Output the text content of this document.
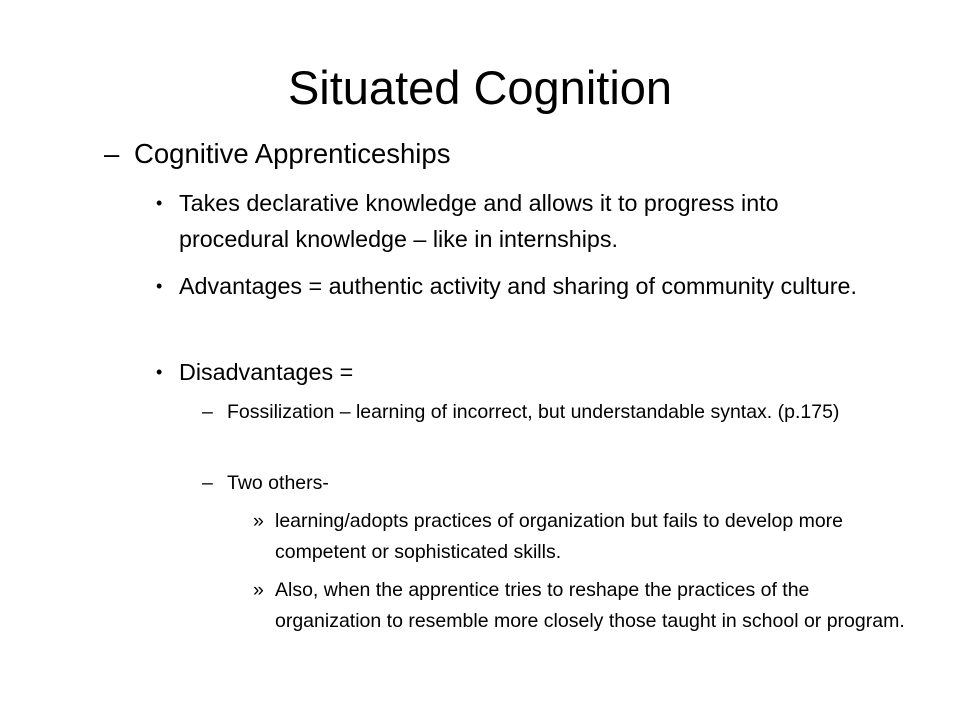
Situated Cognition
– Cognitive Apprenticeships
• Takes declarative knowledge and allows it to progress into procedural knowledge – like in internships.
• Advantages = authentic activity and sharing of community culture.
• Disadvantages =
– Fossilization – learning of incorrect, but understandable syntax. (p.175)
– Two others-
» learning/adopts practices of organization but fails to develop more competent or sophisticated skills.
» Also, when the apprentice tries to reshape the practices of the organization to resemble more closely those taught in school or program.
